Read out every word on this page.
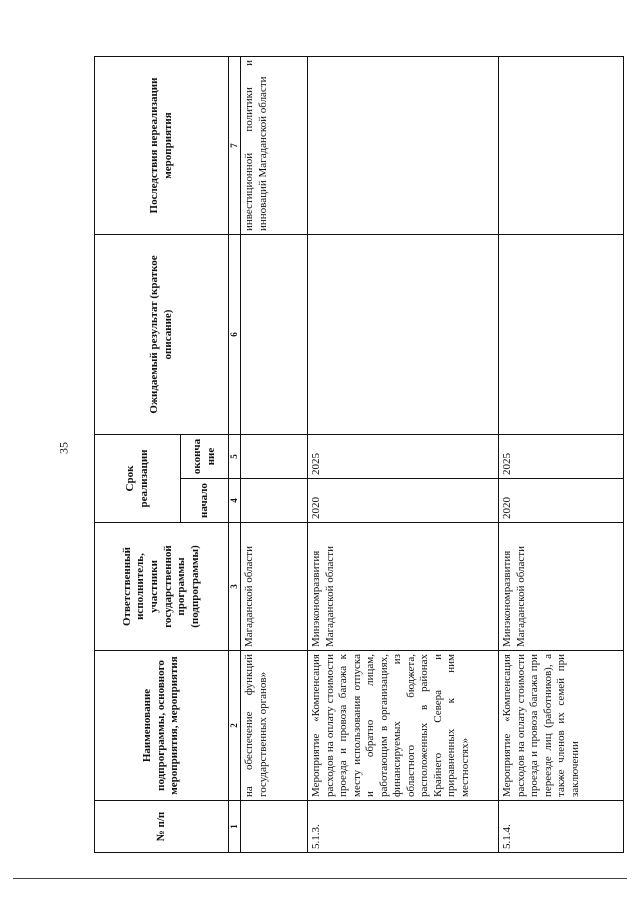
35
№ п/п	Наименование подпрограммы, основного мероприятия, мероприятия	Ответственный исполнитель, участники государственной программы (подпрограммы)	Срок реализации		Ожидаемый результат (краткое описание)	Последствия нереализации мероприятия
			начало	оконча ние		
1	2	3	4	5	6	7
	на обеспечение функций государственных органов»	Магаданской области				инвестиционной политики и инноваций Магаданской области
5.1.3.	Мероприятие «Компенсация расходов на оплату стоимости проезда и провоза багажа к месту использования отпуска и обратно лицам, работающим в организациях, финансируемых из областного бюджета, расположенных в районах Крайнего Севера и приравненных к ним местностях»	Минэкономразвития Магаданской области	2020	2025		
5.1.4.	Мероприятие «Компенсация расходов на оплату стоимости проезда и провоза багажа при переезде лиц (работников), а также членов их семей при заключении	Минэкономразвития Магаданской области	2020	2025		
